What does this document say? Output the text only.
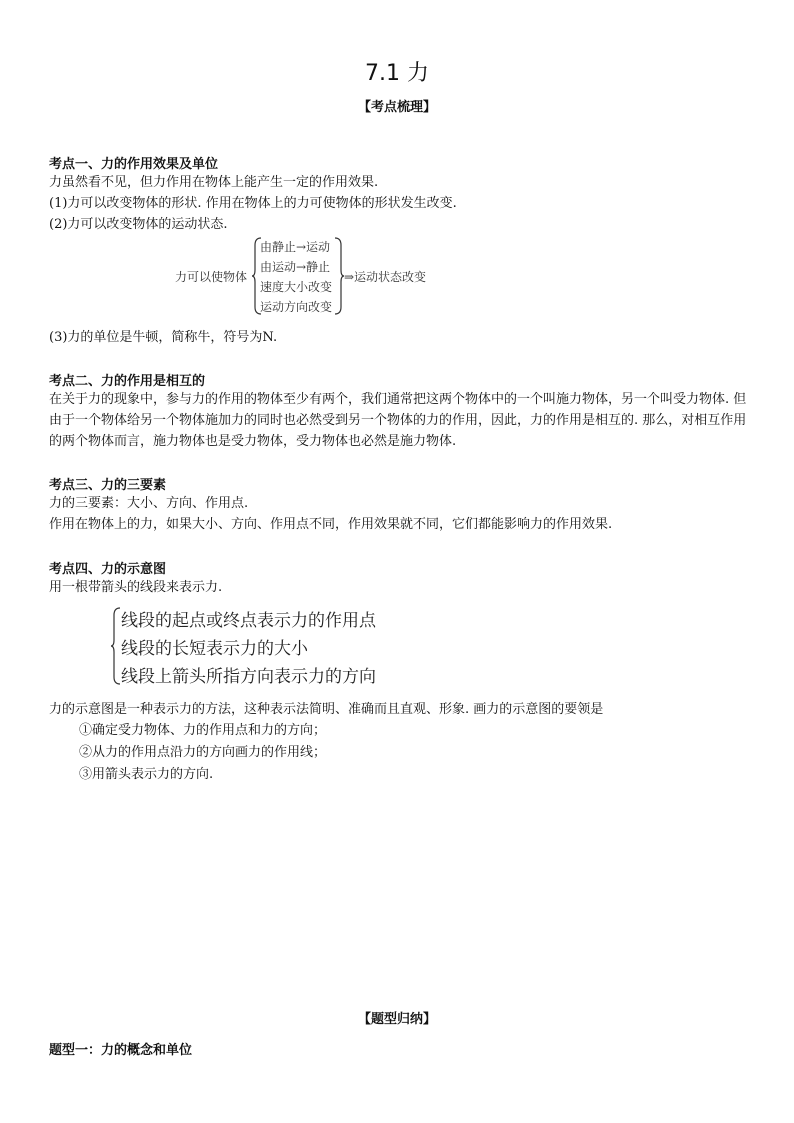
7.1 力
【考点梳理】
考点一、力的作用效果及单位
力虽然看不见，但力作用在物体上能产生一定的作用效果.
(1)力可以改变物体的形状. 作用在物体上的力可使物体的形状发生改变.
(2)力可以改变物体的运动状态.
力可以使物体
由静止→运动
由运动→静止
速度大小改变
运动方向改变
⇒运动状态改变
(3)力的单位是牛顿，简称牛，符号为N.
考点二、力的作用是相互的
在关于力的现象中，参与力的作用的物体至少有两个，我们通常把这两个物体中的一个叫施力物体，另一个叫受力物体. 但由于一个物体给另一个物体施加力的同时也必然受到另一个物体的力的作用，因此，力的作用是相互的. 那么，对相互作用的两个物体而言，施力物体也是受力物体，受力物体也必然是施力物体.
考点三、力的三要素
力的三要素：大小、方向、作用点.
作用在物体上的力，如果大小、方向、作用点不同，作用效果就不同，它们都能影响力的作用效果.
考点四、力的示意图
用一根带箭头的线段来表示力.
线段的起点或终点表示力的作用点
线段的长短表示力的大小
线段上箭头所指方向表示力的方向
力的示意图是一种表示力的方法，这种表示法简明、准确而且直观、形象. 画力的示意图的要领是
①确定受力物体、力的作用点和力的方向；
②从力的作用点沿力的方向画力的作用线；
③用箭头表示力的方向.
【题型归纳】
题型一：力的概念和单位
